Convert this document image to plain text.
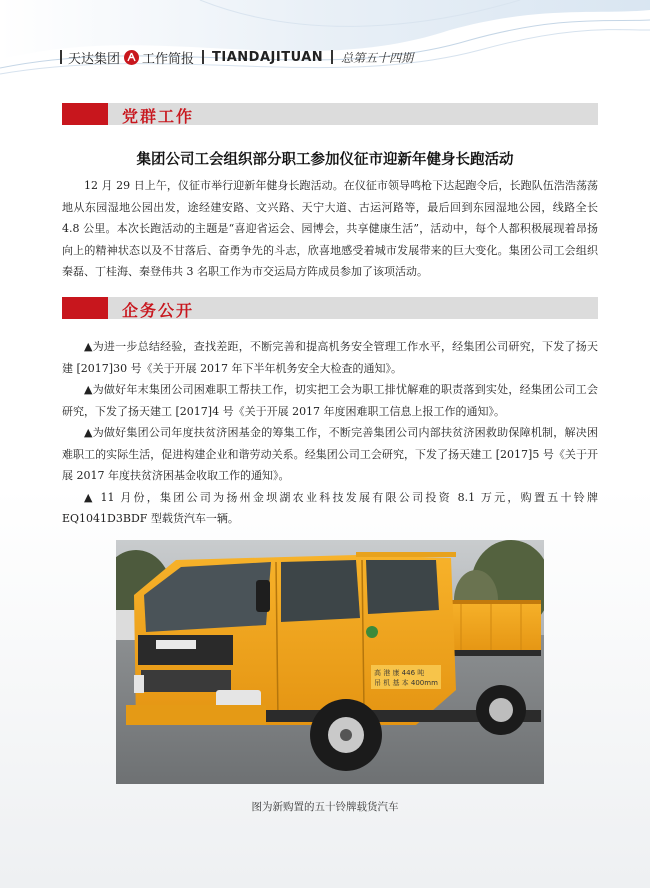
天达集团 工作简报 TIANDAJITUAN 总第五十四期
党群工作
集团公司工会组织部分职工参加仪征市迎新年健身长跑活动

12 月 29 日上午，仪征市举行迎新年健身长跑活动。在仪征市领导鸣枪下达起跑令后，长跑队伍浩浩荡荡地从东园湿地公园出发，途经建安路、文兴路、天宁大道、古运河路等，最后回到东园湿地公园，线路全长 4.8 公里。本次长跑活动的主题是“喜迎省运会、园博会，共享健康生活”，活动中，每个人都积极展现着昂扬向上的精神状态以及不甘落后、奋勇争先的斗志，欣喜地感受着城市发展带来的巨大变化。集团公司工会组织秦磊、丁桂海、秦登伟共 3 名职工作为市交运局方阵成员参加了该项活动。

企务公开

▲为进一步总结经验，查找差距，不断完善和提高机务安全管理工作水平，经集团公司研究，下发了扬天建 [2017]30 号《关于开展 2017 年下半年机务安全大检查的通知》。

▲为做好年末集团公司困难职工帮扶工作，切实把工会为职工排忧解难的职责落到实处，经集团公司工会研究，下发了扬天建工 [2017]4 号《关于开展 2017 年度困难职工信息上报工作的通知》。

▲为做好集团公司年度扶贫济困基金的筹集工作，不断完善集团公司内部扶贫济困救助保障机制，解决困难职工的实际生活，促进构建企业和谐劳动关系。经集团公司工会研究，下发了扬天建工 [2017]5 号《关于开展 2017 年度扶贫济困基金收取工作的通知》。

▲ 11 月份，集团公司为扬州金坝湖农业科技发展有限公司投资 8.1 万元，购置五十铃牌 EQ1041D3BDF 型载货汽车一辆。

高 港 康 446 吨
吊 机 基 本 400mm
图为新购置的五十铃牌载货汽车
